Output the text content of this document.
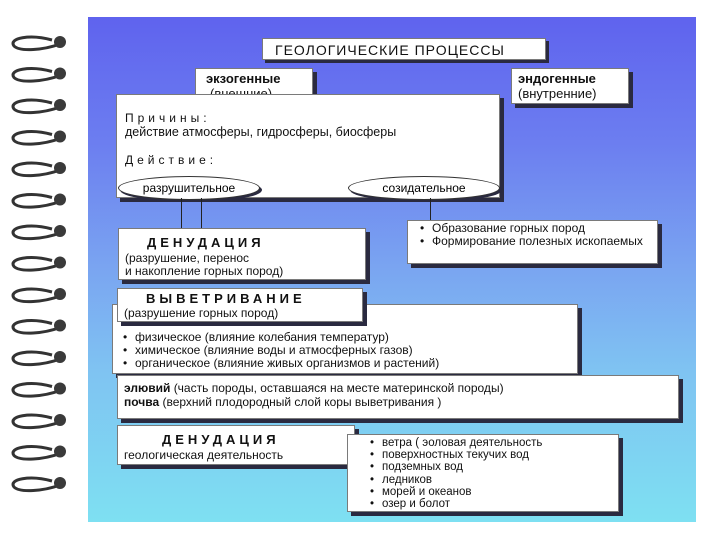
ГЕОЛОГИЧЕСКИЕ ПРОЦЕССЫ
экзогенные	эндогенные
(внутренние)
Причины:
действие атмосферы, гидросферы, биосферы
Действие:
разрушительное	созидательное
• Образование горных пород
• Формирование полезных ископаемых
ДЕНУДАЦИЯ
(разрушение, перенос
и накопление горных пород)
• физическое (влияние колебания температур)
• химическое (влияние воды и атмосферных газов)
• органическое (влияние живых организмов и растений)
ВЫВЕТРИВАНИЕ
(разрушение горных пород)
элювий (часть породы, оставшаяся на месте материнской породы)
почва (верхний плодородный слой коры выветривания )
ДЕНУДАЦИЯ
геологическая деятельность
• ветра ( эоловая деятельность
• поверхностных текучих вод
• подземных вод
• ледников
• морей и океанов
• озер и болот
